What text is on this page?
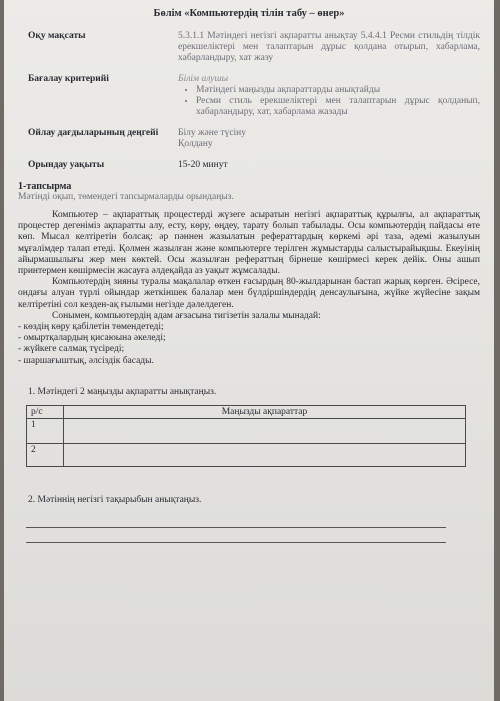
Бөлім «Компьютердің тілін табу – өнер»
Оқу мақсаты	5.3.1.1 Мәтіндегі негізгі ақпаратты анықтау 5.4.4.1 Ресми стильдің тілдік ерекшеліктері мен талаптарын дұрыс қолдана отырып, хабарлама, хабарландыру, хат жазу
Бағалау критерийі	Білім алушы
• Мәтіндегі маңызды ақпараттарды анықтайды
• Ресми стиль ерекшеліктері мен талаптарын дұрыс қолданып, хабарландыру, хат, хабарлама жазады
Ойлау дағдыларының деңгейі	Білу және түсіну
Қолдану
Орындау уақыты	15-20 минут
1-тапсырма
Мәтінді оқып, төмендегі тапсырмаларды орындаңыз.

Компьютер – ақпараттық процестерді жүзеге асыратын негізгі ақпараттық құрылғы, ал ақпараттық процестер дегеніміз ақпаратты алу, есту, көру, өңдеу, тарату болып табылады. Осы компьютердің пайдасы өте көп. Мысал келтіретін болсақ: әр пәннен жазылатын рефераттардың көркемі әрі таза, әдемі жазылуын мұғалімдер талап етеді. Қолмен жазылған және компьютерге терілген жұмыстарды салыстырайықшы. Екеуінің айырмашылығы жер мен көктей. Осы жазылған рефераттың бірнеше көшірмесі керек дейік. Оны ашып принтермен көшірмесін жасауға әлдеқайда аз уақыт жұмсалады.

Компьютердің зияны туралы мақалалар өткен ғасырдың 80-жылдарынан бастап жарық көрген. Әсіресе, ондағы алуан түрлі ойындар жеткіншек балалар мен бүлдіршіндердің денсаулығына, жүйке жүйесіне зақым келтіретіні сол кезден-ақ ғылыми негізде дәлелдеген.

Сонымен, компьютердің адам ағзасына тигізетін залалы мынадай:

- көздің көру қабілетін төмендетеді;
- омыртқалардың қисаюына әкеледі;
- жүйкеге салмақ түсіреді;
- шаршағыштық, әлсіздік басады.
1. Мәтіндегі 2 маңызды ақпаратты анықтаңыз.
р/с	Маңызды ақпараттар
1	
2	
2. Мәтіннің негізгі тақырыбын анықтаңыз.
